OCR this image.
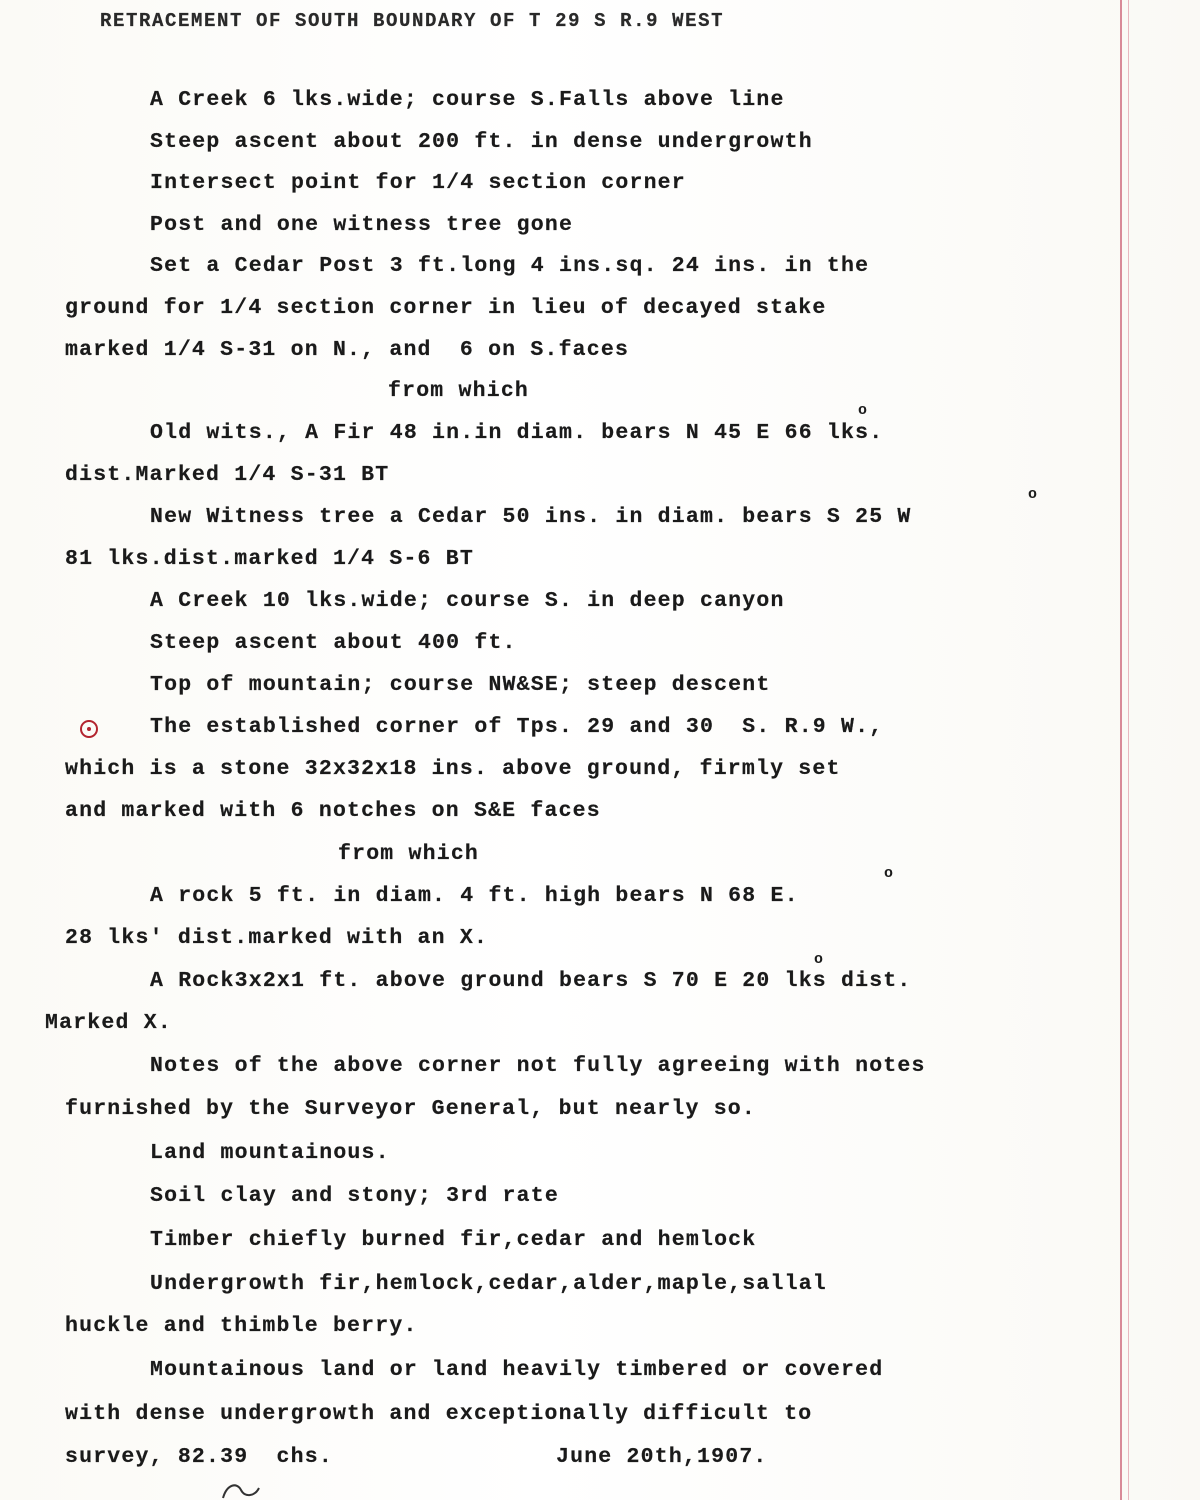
RETRACEMENT OF SOUTH BOUNDARY OF T 29 S R.9 WEST
A Creek 6 lks.wide; course S.Falls above line
Steep ascent about 200 ft. in dense undergrowth
Intersect point for 1/4 section corner
Post and one witness tree gone
Set a Cedar Post 3 ft.long 4 ins.sq. 24 ins. in the
ground for 1/4 section corner in lieu of decayed stake
marked 1/4 S-31 on N., and  6 on S.faces
from which
Old wits., A Fir 48 in.in diam. bears N 45 E 66 lks.
o
dist.Marked 1/4 S-31 BT
New Witness tree a Cedar 50 ins. in diam. bears S 25 W
o
81 lks.dist.marked 1/4 S-6 BT
A Creek 10 lks.wide; course S. in deep canyon
Steep ascent about 400 ft.
Top of mountain; course NW&SE; steep descent
The established corner of Tps. 29 and 30  S. R.9 W.,
which is a stone 32x32x18 ins. above ground, firmly set
and marked with 6 notches on S&E faces
from which
A rock 5 ft. in diam. 4 ft. high bears N 68 E.
o
28 lks' dist.marked with an X.
A Rock3x2x1 ft. above ground bears S 70 E 20 lks dist.
o
Marked X.
Notes of the above corner not fully agreeing with notes
furnished by the Surveyor General, but nearly so.
Land mountainous.
Soil clay and stony; 3rd rate
Timber chiefly burned fir,cedar and hemlock
Undergrowth fir,hemlock,cedar,alder,maple,sallal
huckle and thimble berry.
Mountainous land or land heavily timbered or covered
with dense undergrowth and exceptionally difficult to
survey, 82.39  chs.	June 20th,1907.
